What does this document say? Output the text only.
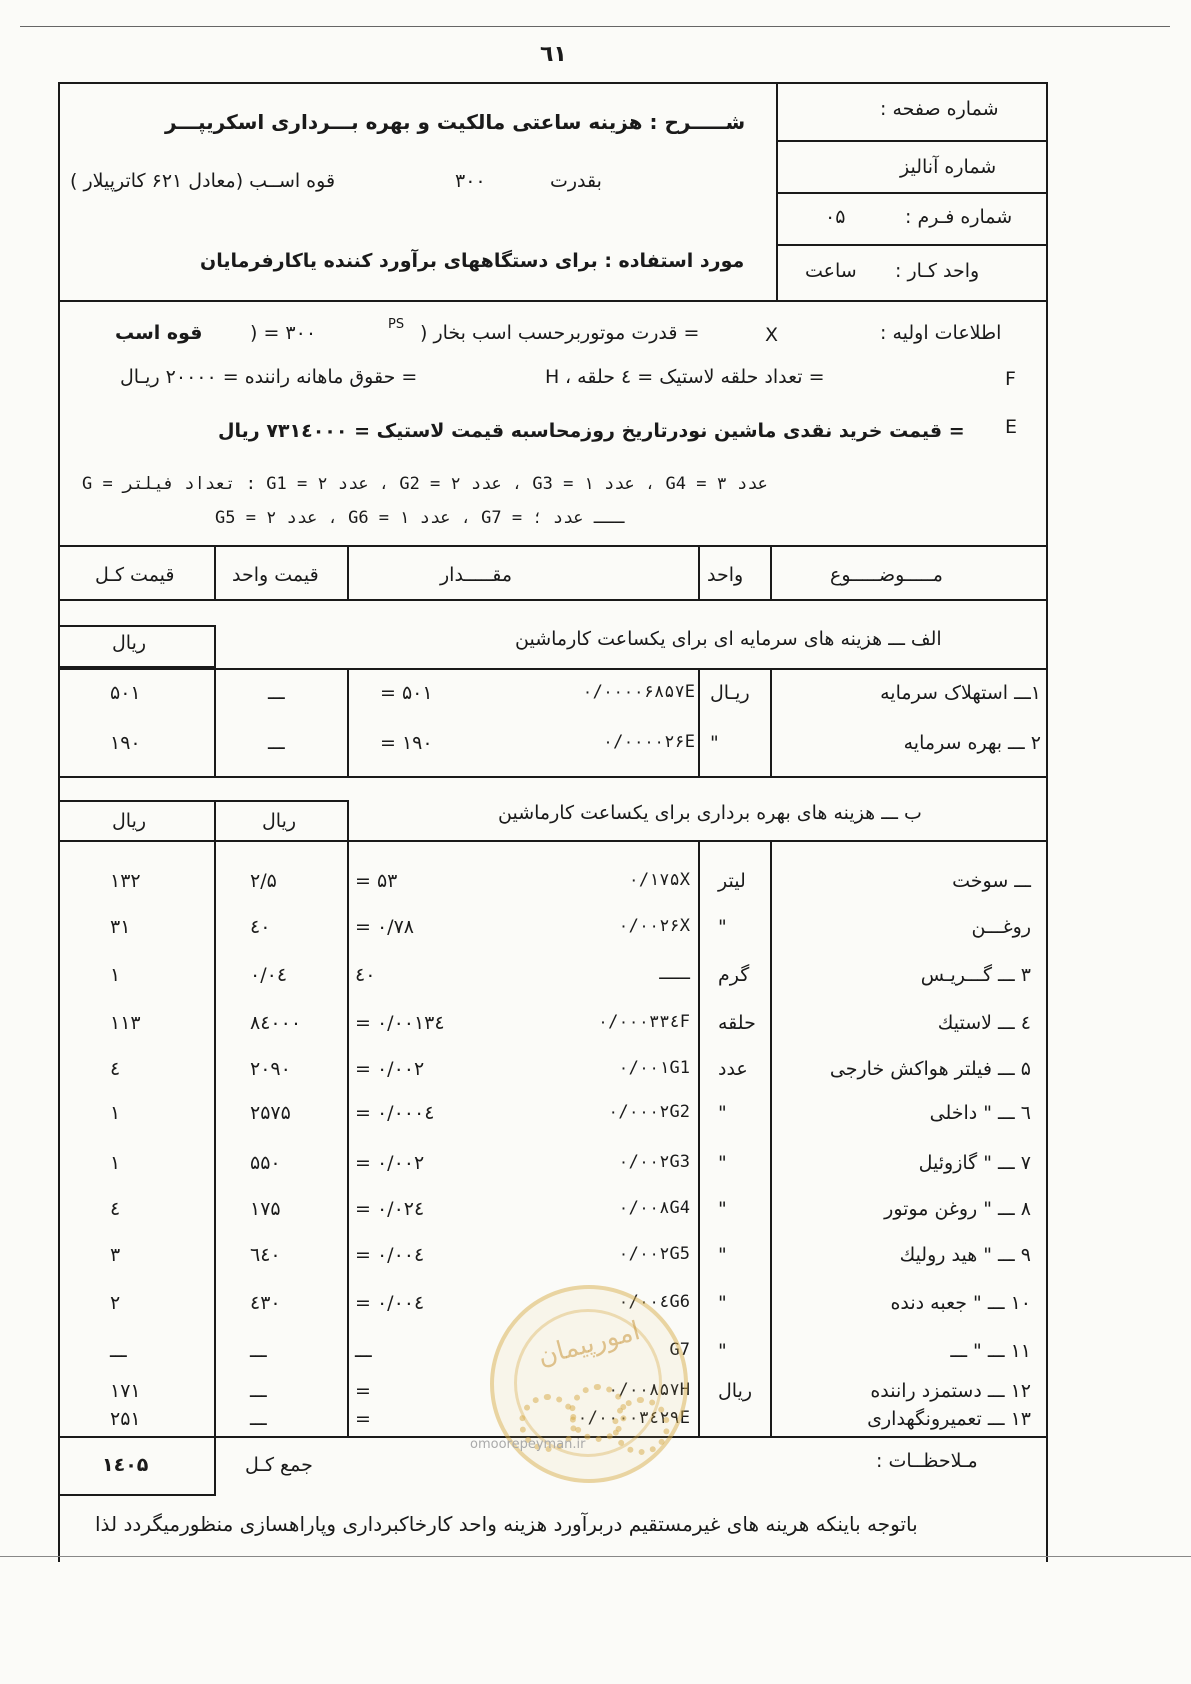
٦١
شـــــرح : هزینه ساعتی مالکیت و بهره بـــرداری اسکریپـــر
بقدرت
۳۰۰
قوه اســب (معادل ۶۲۱ کاترپیلار )
مورد استفاده : برای دستگاههای برآورد کننده یاکارفرمایان
شماره صفحه :
شماره آنالیز
شماره فـرم :
۰۵
واحد کـار :
ساعت
اطلاعات اولیه :
X
= قدرت موتوربرحسب اسب بخار (
PS
) = ۳۰۰
قوه اسب
F
= تعداد حلقه لاستیک = ٤ حلقه ،
H
= حقوق ماهانه راننده = ۲۰۰۰۰ ریـال
E
= قیمت خرید نقدی ماشین نودرتاریخ روزمحاسبه قیمت لاستیک = ۷۳۱٤۰۰۰ ریال
G = تعداد فیلتر : G1 = ۲ عدد ، G2 = ۲ عدد ، G3 = ۱ عدد ، G4 = ۳ عدد
G5 = ۲ عدد ، G6 = ۱ عدد ، G7 = ـــ عدد ؛
مـــــوضـــــوع
واحد
مقـــــدار
قیمت واحد
قیمت کـل
الف ـــ هزینه های سرمایه ای برای یکساعت کارماشین
ریال
۱ـــ استهلاک سرمایه
ریـال
۰/۰۰۰۰۶۸۵۷E
= ۵۰۱
ـــ
۵۰۱
۲ ـــ بهره سرمایه
"
۰/۰۰۰۰۲۶E
= ۱۹۰
ـــ
۱۹۰
ب ـــ هزینه های بهره برداری برای یکساعت کارماشین
ریال
ریال
ـــ سوخت
لیتر
۰/۱۷۵X
= ۵۳
۲/۵
۱۳۲
روغـــن
"
۰/۰۰۲۶X
= ۰/۷۸
٤۰
۳۱
۳ ـــ گـــریـس
گرم
ـــ
٤۰
۰/۰٤
۱
٤ ـــ لاستیك
حلقه
۰/۰۰۰۳۳٤F
= ۰/۰۰۱۳٤
۸٤۰۰۰
۱۱۳
۵ ـــ فیلتر هواکش خارجی
عدد
۰/۰۰۱G1
= ۰/۰۰۲
۲۰۹۰
٤
٦ ـــ " داخلی
"
۰/۰۰۰۲G2
= ۰/۰۰۰٤
۲۵۷۵
۱
۷ ـــ " گازوئیل
"
۰/۰۰۲G3
= ۰/۰۰۲
۵۵۰
۱
۸ ـــ " روغن موتور
"
۰/۰۰۸G4
= ۰/۰۲٤
۱۷۵
٤
۹ ـــ " هید رولیك
"
۰/۰۰۲G5
= ۰/۰۰٤
٦٤۰
۳
۱۰ ـــ " جعبه دنده
"
۰/۰۰٤G6
= ۰/۰۰٤
٤۳۰
۲
۱۱ ـــ " ـــ
"
G7
ـــ
ـــ
ـــ
۱۲ ـــ دستمزد راننده
ریال
۰/۰۰۸۵۷H
=
ـــ
۱۷۱
۱۳ ـــ تعمیرونگهداری
۰/۰۰۰۰۳٤۲۹E
=
ـــ
۲۵۱
مـلاحظــات :
جمع کـل
۱٤۰۵
باتوجه باینکه هرینه های غیرمستقیم دربرآورد هزینه واحد کارخاکبرداری وپاراهسازی منظورمیگردد لذا
امورپیمان
omoorepeyman.ir
